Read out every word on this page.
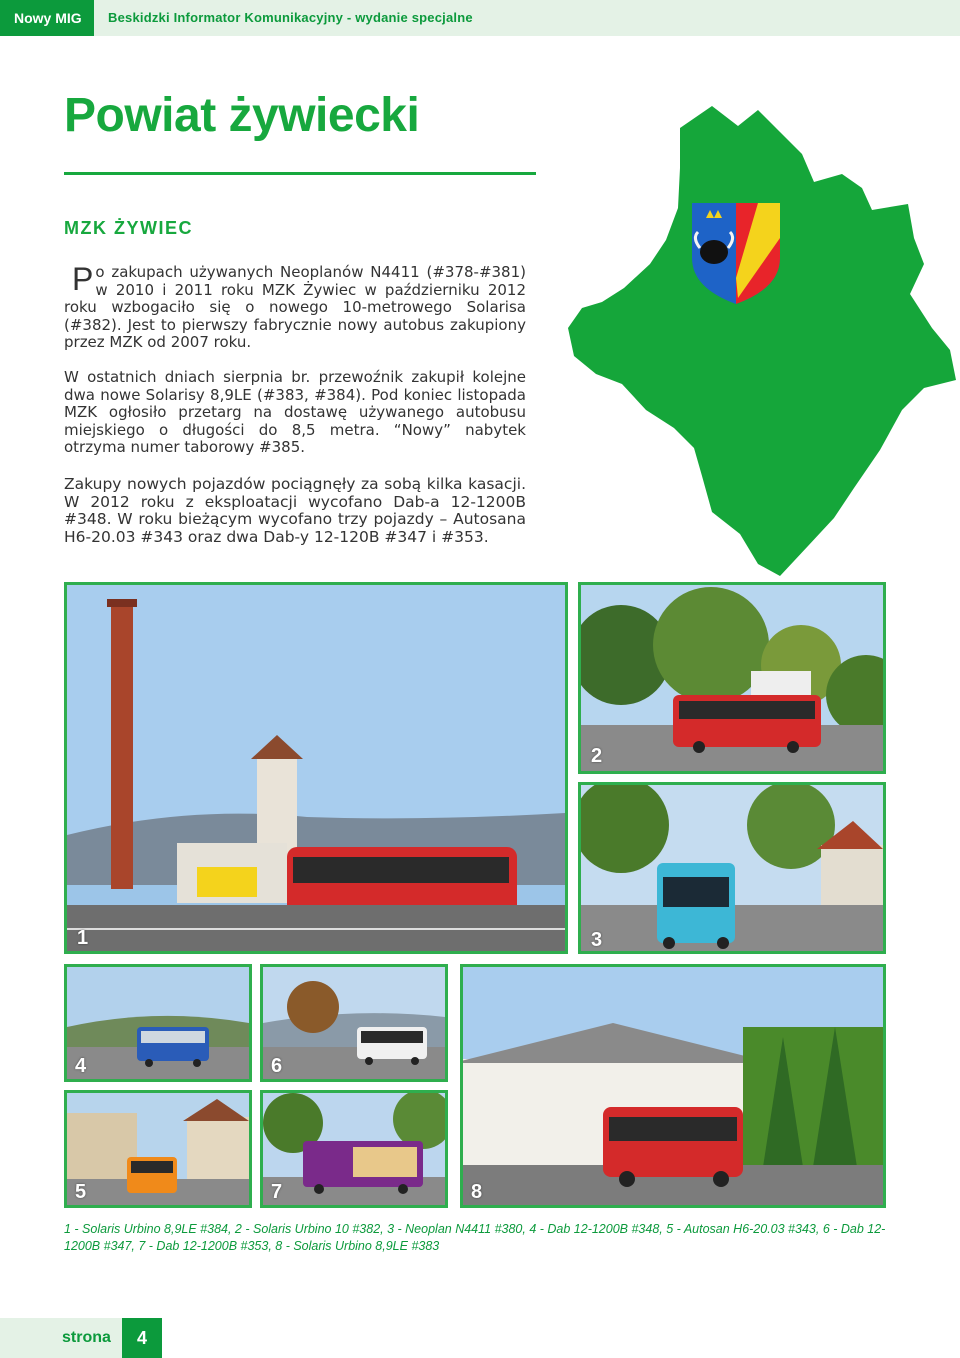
Nowy MIG	Beskidzki Informator Komunikacyjny - wydanie specjalne
Powiat żywiecki
MZK ŻYWIEC
Po zakupach używanych Neoplanów N4411 (#378-#381) w 2010 i 2011 roku MZK Żywiec w październiku 2012 roku wzbogaciło się o nowego 10-metrowego Solarisa (#382). Jest to pierwszy fabrycznie nowy autobus zakupiony przez MZK od 2007 roku.
W ostatnich dniach sierpnia br. przewoźnik zakupił kolejne dwa nowe Solarisy 8,9LE (#383, #384). Pod koniec listopada MZK ogłosiło przetarg na dostawę używanego autobusu miejskiego o długości do 8,5 metra. “Nowy” nabytek otrzyma numer taborowy #385.
Zakupy nowych pojazdów pociągnęły za sobą kilka kasacji. W 2012 roku z eksploatacji wycofano Dab-a 12-1200B #348. W roku bieżącym wycofano trzy pojazdy – Autosana H6-20.03 #343 oraz dwa Dab-y 12-120B #347 i #353.
1
2
3
4	6
5	7	8
1 - Solaris Urbino 8,9LE #384, 2 - Solaris Urbino 10 #382, 3 - Neoplan N4411 #380, 4 - Dab 12-1200B #348, 5 - Autosan H6-20.03 #343, 6 - Dab 12-1200B #347, 7 - Dab 12-1200B #353, 8 - Solaris Urbino 8,9LE #383
strona	4
